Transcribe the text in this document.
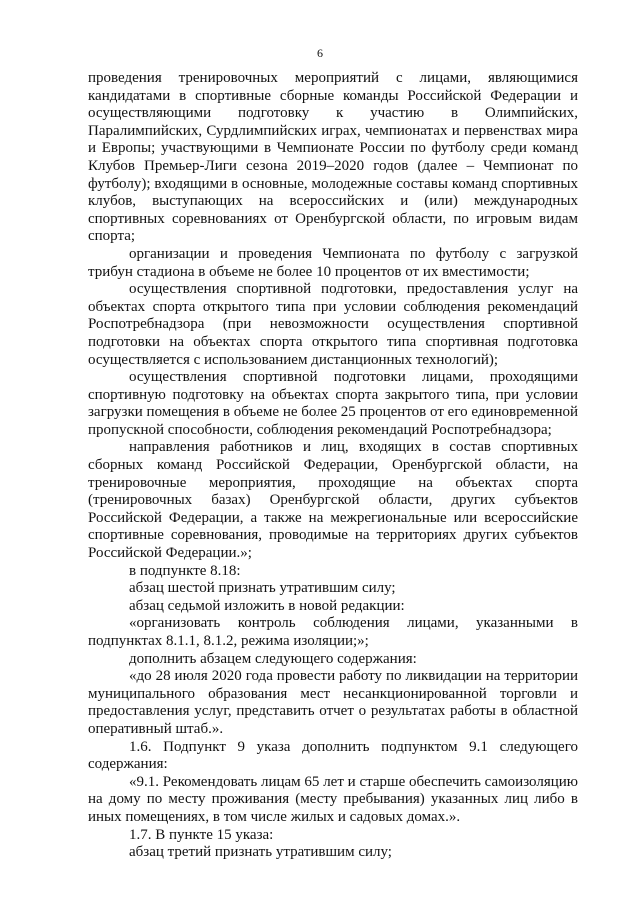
6

проведения тренировочных мероприятий с лицами, являющимися кандидатами в спортивные сборные команды Российской Федерации и осуществляющими подготовку к участию в Олимпийских, Паралимпийских, Сурдлимпийских играх, чемпионатах и первенствах мира и Европы; участвующими в Чемпионате России по футболу среди команд Клубов Премьер-Лиги сезона 2019–2020 годов (далее – Чемпионат по футболу); входящими в основные, молодежные составы команд спортивных клубов, выступающих на всероссийских и (или) международных спортивных соревнованиях от Оренбургской области, по игровым видам спорта;

организации и проведения Чемпионата по футболу с загрузкой трибун стадиона в объеме не более 10 процентов от их вместимости;

осуществления спортивной подготовки, предоставления услуг на объектах спорта открытого типа при условии соблюдения рекомендаций Роспотребнадзора (при невозможности осуществления спортивной подготовки на объектах спорта открытого типа спортивная подготовка осуществляется с использованием дистанционных технологий);

осуществления спортивной подготовки лицами, проходящими спортивную подготовку на объектах спорта закрытого типа, при условии загрузки помещения в объеме не более 25 процентов от его единовременной пропускной способности, соблюдения рекомендаций Роспотребнадзора;

направления работников и лиц, входящих в состав спортивных сборных команд Российской Федерации, Оренбургской области, на тренировочные мероприятия, проходящие на объектах спорта (тренировочных базах) Оренбургской области, других субъектов Российской Федерации, а также на межрегиональные или всероссийские спортивные соревнования, проводимые на территориях других субъектов Российской Федерации.»;

в подпункте 8.18:

абзац шестой признать утратившим силу;

абзац седьмой изложить в новой редакции:

«организовать контроль соблюдения лицами, указанными в подпунктах 8.1.1, 8.1.2, режима изоляции;»;

дополнить абзацем следующего содержания:

«до 28 июля 2020 года провести работу по ликвидации на территории муниципального образования мест несанкционированной торговли и предоставления услуг, представить отчет о результатах работы в областной оперативный штаб.».

1.6. Подпункт 9 указа дополнить подпунктом 9.1 следующего содержания:

«9.1. Рекомендовать лицам 65 лет и старше обеспечить самоизоляцию на дому по месту проживания (месту пребывания) указанных лиц либо в иных помещениях, в том числе жилых и садовых домах.».

1.7. В пункте 15 указа:

абзац третий признать утратившим силу;
